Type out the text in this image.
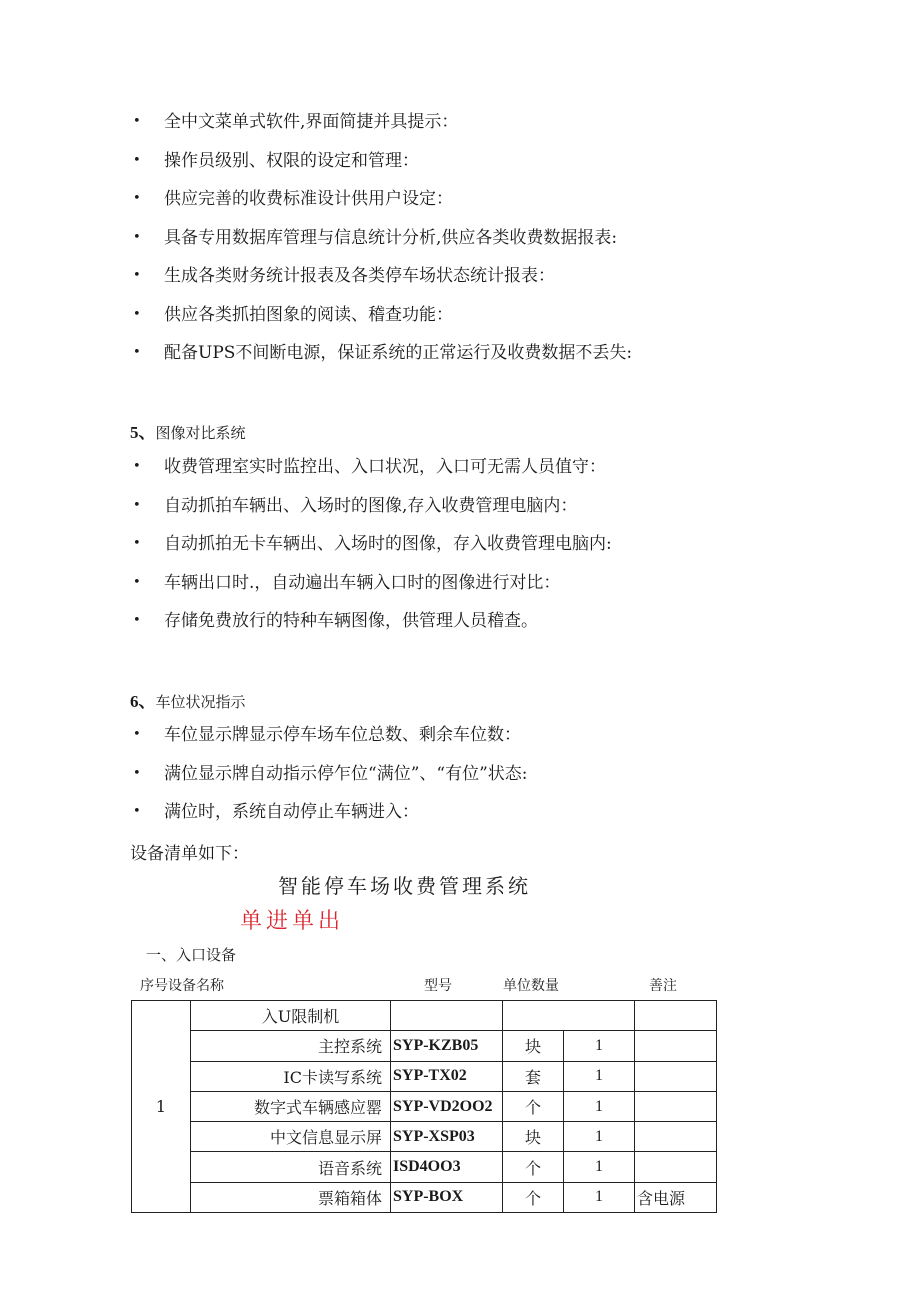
• 全中文菜单式软件,界面简捷并具提示：
• 操作员级别、权限的设定和管理：
• 供应完善的收费标准设计供用户设定：
• 具备专用数据库管理与信息统计分析,供应各类收费数据报表:
• 生成各类财务统计报表及各类停车场状态统计报表：
• 供应各类抓拍图象的阅读、稽查功能：
• 配备UPS不间断电源，保证系统的正常运行及收费数据不丢失:
5、图像对比系统
• 收费管理室实时监控出、入口状况，入口可无需人员值守：
• 自动抓拍车辆出、入场时的图像,存入收费管理电脑内：
• 自动抓拍无卡车辆出、入场时的图像，存入收费管理电脑内:
• 车辆出口时.，自动遍出车辆入口时的图像进行对比：
• 存储免费放行的特种车辆图像，供管理人员稽查。
6、车位状况指示
• 车位显示牌显示停车场车位总数、剩余车位数：
• 满位显示牌自动指示停乍位“满位”、“有位”状态:
• 满位时，系统自动停止车辆进入：
设备清单如下：
智能停车场收费管理系统
单进单出
一、入口设备
序号设备名称	型号	单位数量	善注
1	入U限制机				
	主控系统	SYP-KZB05	块	1	
	IC卡读写系统	SYP-TX02	套	1	
	数字式车辆感应罂	SYP-VD2OO2	个	1	
	中文信息显示屏	SYP-XSP03	块	1	
	语音系统	ISD4OO3	个	1	
	票箱箱体	SYP-BOX	个	1	含电源
